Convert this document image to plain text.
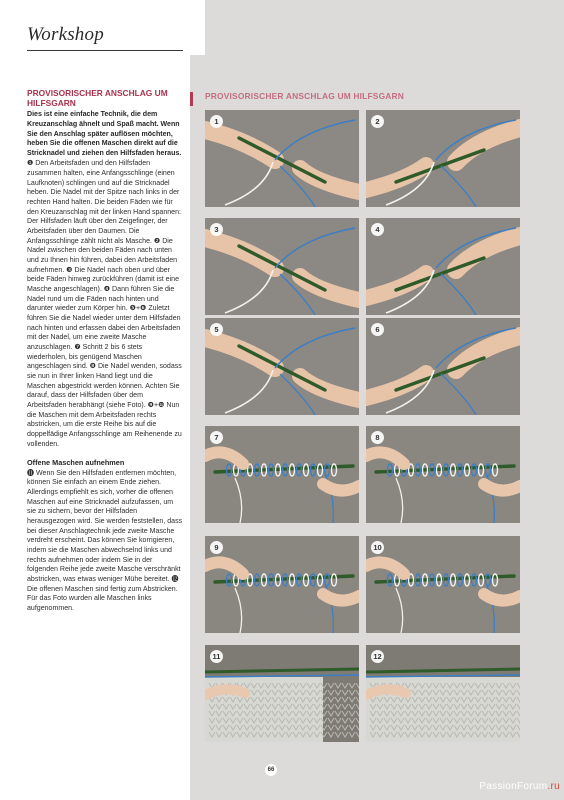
Workshop
PROVISORISCHER ANSCHLAG UM HILFSGARN

Dies ist eine einfache Technik, die dem Kreuzanschlag ähnelt und Spaß macht. Wenn Sie den Anschlag später auflösen möchten, heben Sie die offenen Maschen direkt auf die Stricknadel und ziehen den Hilfsfaden heraus.

❶ Den Arbeitsfaden und den Hilfsfaden zusammen halten, eine Anfangsschlinge (einen Laufknoten) schlingen und auf die Stricknadel heben. Die Nadel mit der Spitze nach links in der rechten Hand halten. Die beiden Fäden wie für den Kreuzanschlag mit der linken Hand spannen: Der Hilfsfaden läuft über den Zeigefinger, der Arbeitsfaden über den Daumen. Die Anfangsschlinge zählt nicht als Masche. ❷ Die Nadel zwischen den beiden Fäden nach unten und zu Ihnen hin führen, dabei den Arbeitsfaden aufnehmen. ❸ Die Nadel nach oben und über beide Fäden hinweg zurückführen (damit ist eine Masche angeschlagen). ❹ Dann führen Sie die Nadel rund um die Fäden nach hinten und darunter wieder zum Körper hin. ❺+❻ Zuletzt führen Sie die Nadel wieder unter dem Hilfsfaden nach hinten und erfassen dabei den Arbeitsfaden mit der Nadel, um eine zweite Masche anzuschlagen. ❼ Schritt 2 bis 6 stets wiederholen, bis genügend Maschen angeschlagen sind. ❽ Die Nadel wenden, sodass sie nun in Ihrer linken Hand liegt und die Maschen abgestrickt werden können. Achten Sie darauf, dass der Hilfsfaden über dem Arbeitsfaden herabhängt (siehe Foto). ❾+❿ Nun die Maschen mit dem Arbeitsfaden rechts abstricken, um die erste Reihe bis auf die doppelfädige Anfangsschlinge am Reihenende zu vollenden.

Offene Maschen aufnehmen

⓫ Wenn Sie den Hilfsfaden entfernen möchten, können Sie einfach an einem Ende ziehen. Allerdings empfiehlt es sich, vorher die offenen Maschen auf eine Stricknadel aufzufassen, um sie zu sichern, bevor der Hilfsfaden herausgezogen wird. Sie werden feststellen, dass bei dieser Anschlagtechnik jede zweite Masche verdreht erscheint. Das können Sie korrigieren, indem sie die Maschen abwechselnd links und rechts aufnehmen oder indem Sie in der folgenden Reihe jede zweite Masche verschränkt abstricken, was etwas weniger Mühe bereitet. ⓬ Die offenen Maschen sind fertig zum Abstricken. Für das Foto wurden alle Maschen links aufgenommen.

PROVISORISCHER ANSCHLAG UM HILFSGARN
1	2
3	4
5	6
7	8
9	10
11	12
66
PassionForum.ru
